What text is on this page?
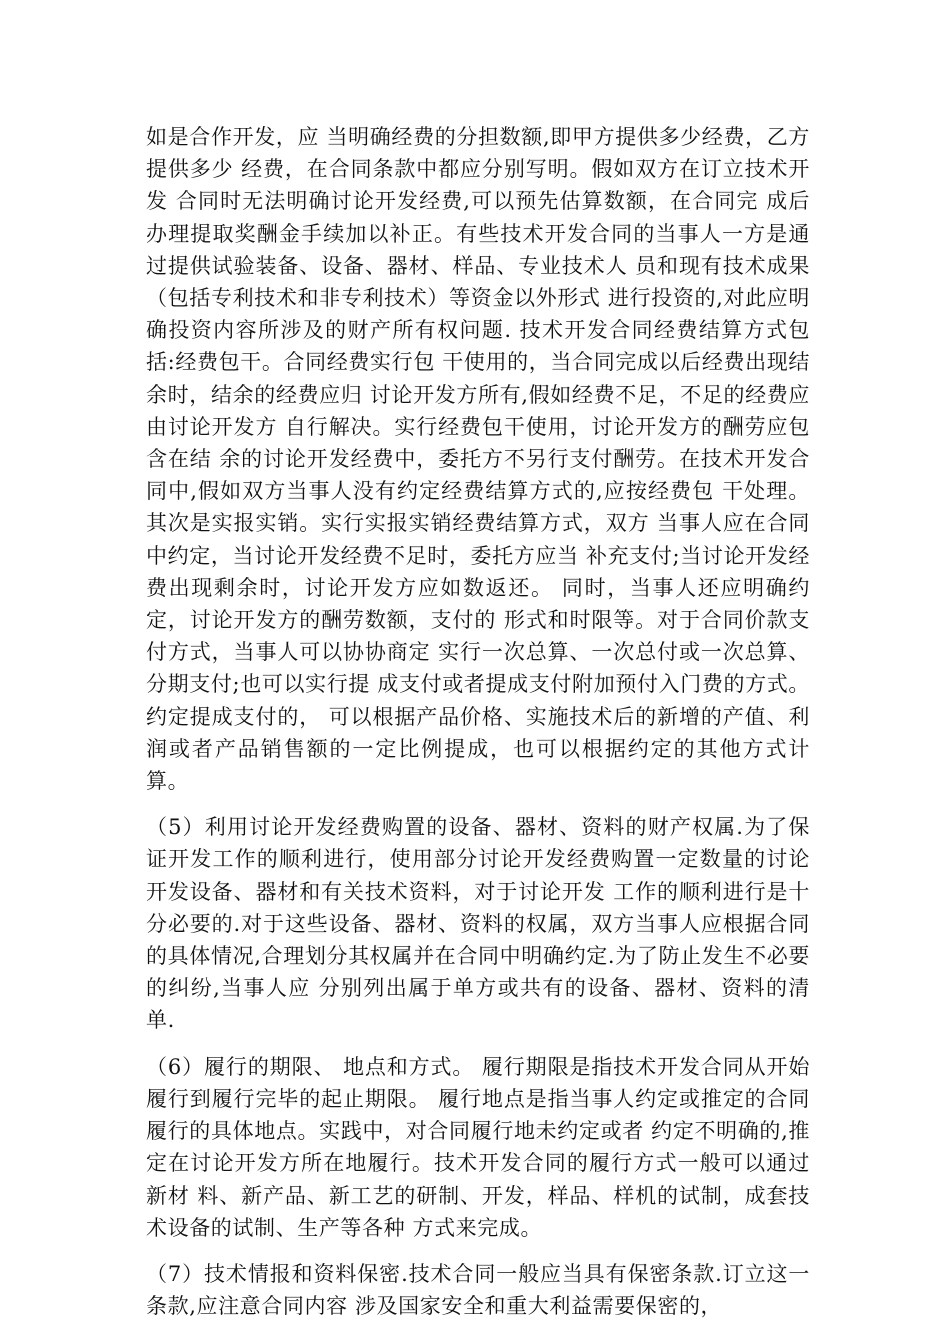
如是合作开发，应 当明确经费的分担数额,即甲方提供多少经费，乙方提供多少 经费，在合同条款中都应分别写明。假如双方在订立技术开发 合同时无法明确讨论开发经费,可以预先估算数额，在合同完 成后办理提取奖酬金手续加以补正。有些技术开发合同的当事人一方是通过提供试验装备、设备、器材、样品、专业技术人 员和现有技术成果（包括专利技术和非专利技术）等资金以外形式 进行投资的,对此应明确投资内容所涉及的财产所有权问题. 技术开发合同经费结算方式包括:经费包干。合同经费实行包 干使用的，当合同完成以后经费出现结余时，结余的经费应归 讨论开发方所有,假如经费不足，不足的经费应由讨论开发方 自行解决。实行经费包干使用，讨论开发方的酬劳应包含在结 余的讨论开发经费中，委托方不另行支付酬劳。在技术开发合 同中,假如双方当事人没有约定经费结算方式的,应按经费包 干处理。其次是实报实销。实行实报实销经费结算方式，双方 当事人应在合同中约定，当讨论开发经费不足时，委托方应当 补充支付;当讨论开发经费出现剩余时，讨论开发方应如数返还。 同时，当事人还应明确约定，讨论开发方的酬劳数额，支付的 形式和时限等。对于合同价款支付方式，当事人可以协协商定 实行一次总算、一次总付或一次总算、分期支付;也可以实行提 成支付或者提成支付附加预付入门费的方式。约定提成支付的， 可以根据产品价格、实施技术后的新增的产值、利润或者产品销售额的一定比例提成，也可以根据约定的其他方式计算。

（5）利用讨论开发经费购置的设备、器材、资料的财产权属.为了保证开发工作的顺利进行，使用部分讨论开发经费购置一定数量的讨论开发设备、器材和有关技术资料，对于讨论开发 工作的顺利进行是十分必要的.对于这些设备、器材、资料的权属，双方当事人应根据合同 的具体情况,合理划分其权属并在合同中明确约定.为了防止发生不必要的纠纷,当事人应 分别列出属于单方或共有的设备、器材、资料的清单.

（6）履行的期限、 地点和方式。 履行期限是指技术开发合同从开始履行到履行完毕的起止期限。 履行地点是指当事人约定或推定的合同履行的具体地点。实践中，对合同履行地未约定或者 约定不明确的,推定在讨论开发方所在地履行。技术开发合同的履行方式一般可以通过新材 料、新产品、新工艺的研制、开发，样品、样机的试制，成套技术设备的试制、生产等各种 方式来完成。

（7）技术情报和资料保密.技术合同一般应当具有保密条款.订立这一条款,应注意合同内容 涉及国家安全和重大利益需要保密的，
